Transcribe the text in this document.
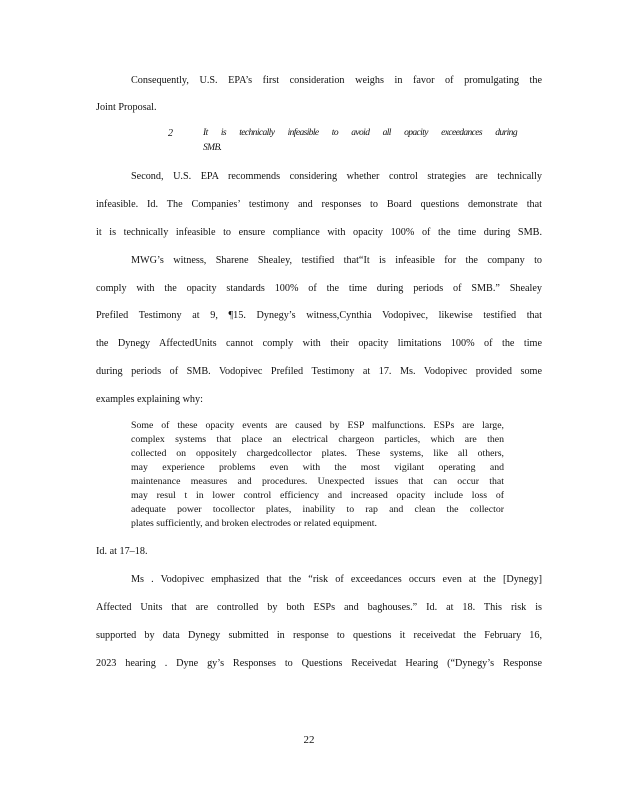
Consequently, U.S. EPA’s first consideration weighs in favor of promulgating the
Joint Proposal.
2	It is technically infeasible to avoid all opacity exceedances during
SMB.
Second, U.S. EPA recommends considering whether control strategies are technically
infeasible. Id. The Companies’ testimony and responses to Board questions demonstrate that
it is technically infeasible to ensure compliance with opacity 100% of the time during SMB.
MWG’s witness, Sharene Shealey, testified that“It is infeasible for the company to
comply with the opacity standards 100% of the time during periods of SMB.” Shealey
Prefiled Testimony at 9, ¶15. Dynegy’s witness,Cynthia Vodopivec, likewise testified that
the Dynegy AffectedUnits cannot comply with their opacity limitations 100% of the time
during periods of SMB. Vodopivec Prefiled Testimony at 17. Ms. Vodopivec provided some
examples explaining why:
Some of these opacity events are caused by ESP malfunctions. ESPs are large,
complex systems that place an electrical chargeon particles, which are then
collected on oppositely chargedcollector plates. These systems, like all others,
may experience problems even with the most vigilant operating and
maintenance measures and procedures. Unexpected issues that can occur that
may resul t in lower control efficiency and increased opacity include loss of
adequate power tocollector plates, inability to rap and clean the collector
plates sufficiently, and broken electrodes or related equipment.
Id. at 17–18.
Ms . Vodopivec emphasized that the “risk of exceedances occurs even at the [Dynegy]
Affected Units that are controlled by both ESPs and baghouses.” Id. at 18. This risk is
supported by data Dynegy submitted in response to questions it receivedat the February 16,
2023 hearing . Dyne gy’s Responses to Questions Receivedat Hearing (“Dynegy’s Response
22
